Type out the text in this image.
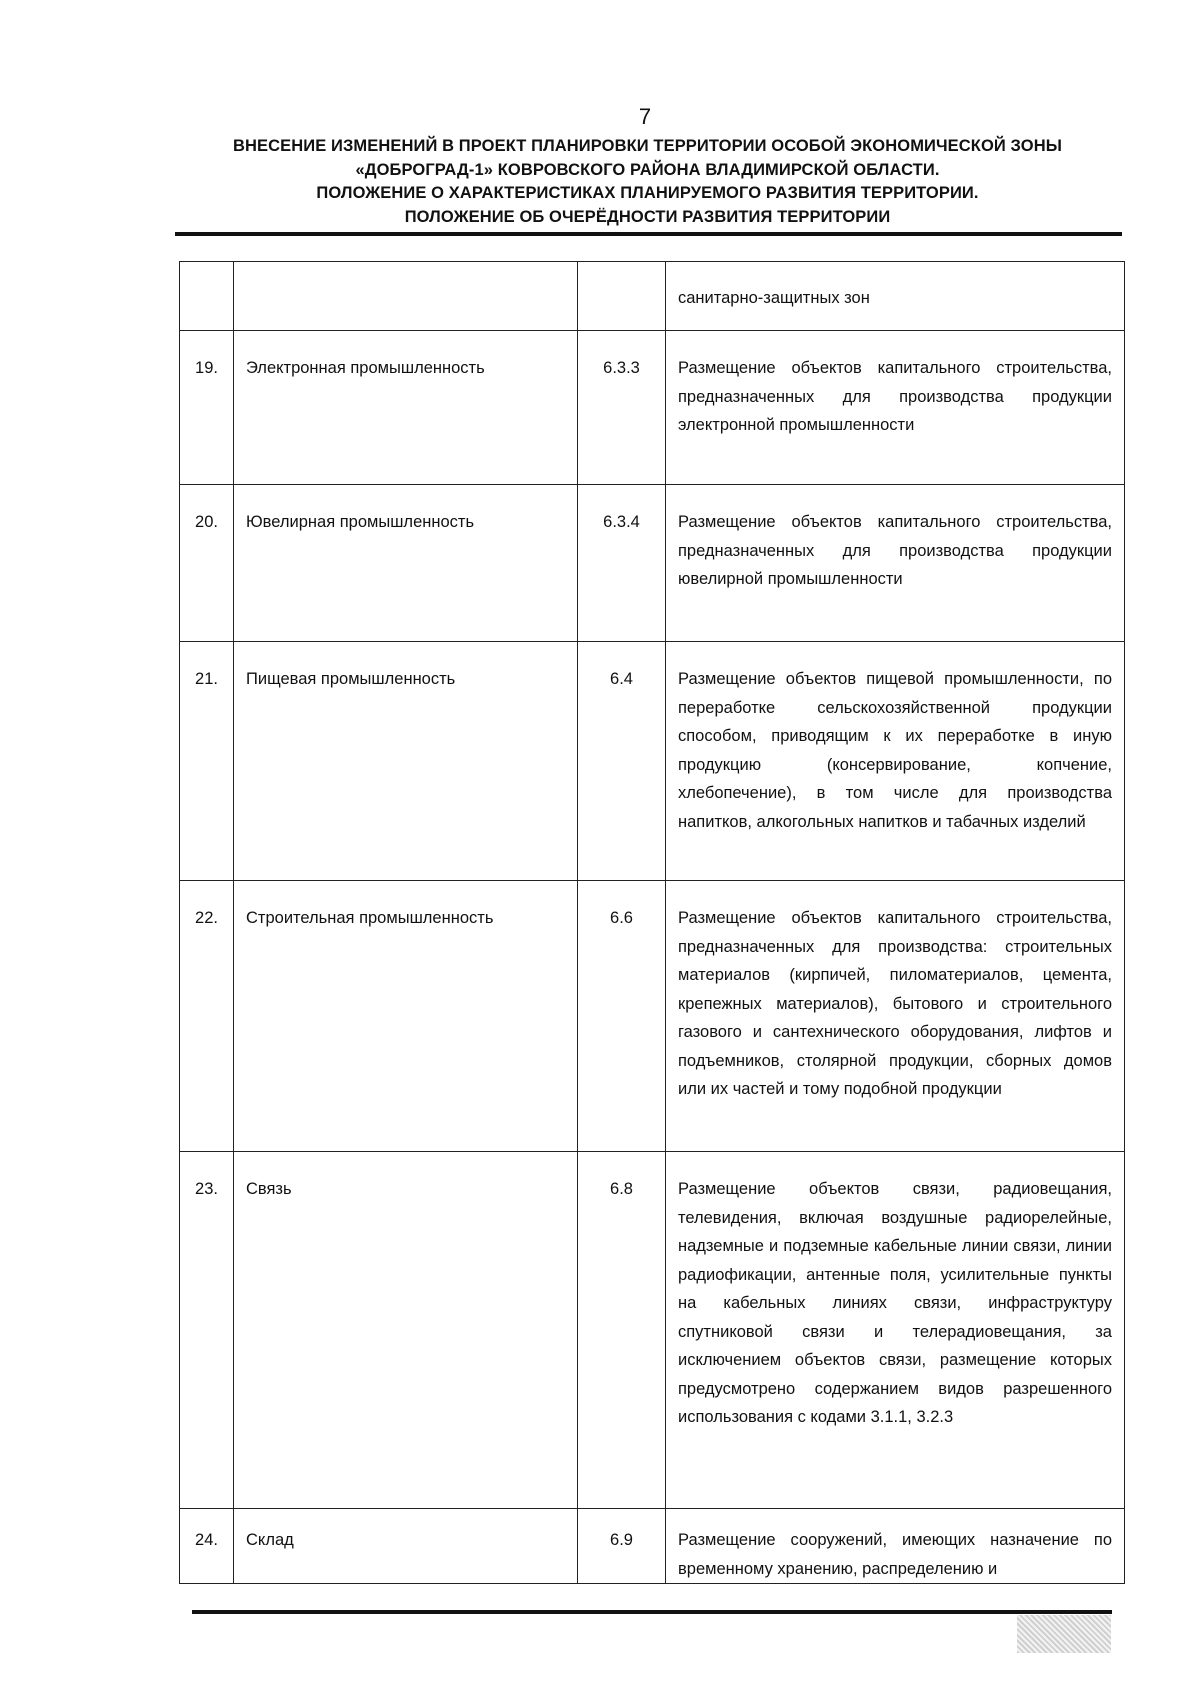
7
ВНЕСЕНИЕ ИЗМЕНЕНИЙ В ПРОЕКТ ПЛАНИРОВКИ ТЕРРИТОРИИ ОСОБОЙ ЭКОНОМИЧЕСКОЙ ЗОНЫ
«ДОБРОГРАД-1» КОВРОВСКОГО РАЙОНА ВЛАДИМИРСКОЙ ОБЛАСТИ.
ПОЛОЖЕНИЕ О ХАРАКТЕРИСТИКАХ ПЛАНИРУЕМОГО РАЗВИТИЯ ТЕРРИТОРИИ.
ПОЛОЖЕНИЕ ОБ ОЧЕРЁДНОСТИ РАЗВИТИЯ ТЕРРИТОРИИ
			санитарно-защитных зон
19.	Электронная промышленность	6.3.3	Размещение объектов капитального строительства, предназначенных для производства продукции электронной промышленности
20.	Ювелирная промышленность	6.3.4	Размещение объектов капитального строительства, предназначенных для производства продукции ювелирной промышленности
21.	Пищевая промышленность	6.4	Размещение объектов пищевой промышленности, по переработке сельскохозяйственной продукции способом, приводящим к их переработке в иную продукцию (консервирование, копчение, хлебопечение), в том числе для производства напитков, алкогольных напитков и табачных изделий
22.	Строительная промышленность	6.6	Размещение объектов капитального строительства, предназначенных для производства: строительных материалов (кирпичей, пиломатериалов, цемента, крепежных материалов), бытового и строительного газового и сантехнического оборудования, лифтов и подъемников, столярной продукции, сборных домов или их частей и тому подобной продукции
23.	Связь	6.8	Размещение объектов связи, радиовещания, телевидения, включая воздушные радиорелейные, надземные и подземные кабельные линии связи, линии радиофикации, антенные поля, усилительные пункты на кабельных линиях связи, инфраструктуру спутниковой связи и телерадиовещания, за исключением объектов связи, размещение которых предусмотрено содержанием видов разрешенного использования с кодами 3.1.1, 3.2.3
24.	Склад	6.9	Размещение сооружений, имеющих назначение по временному хранению, распределению и
